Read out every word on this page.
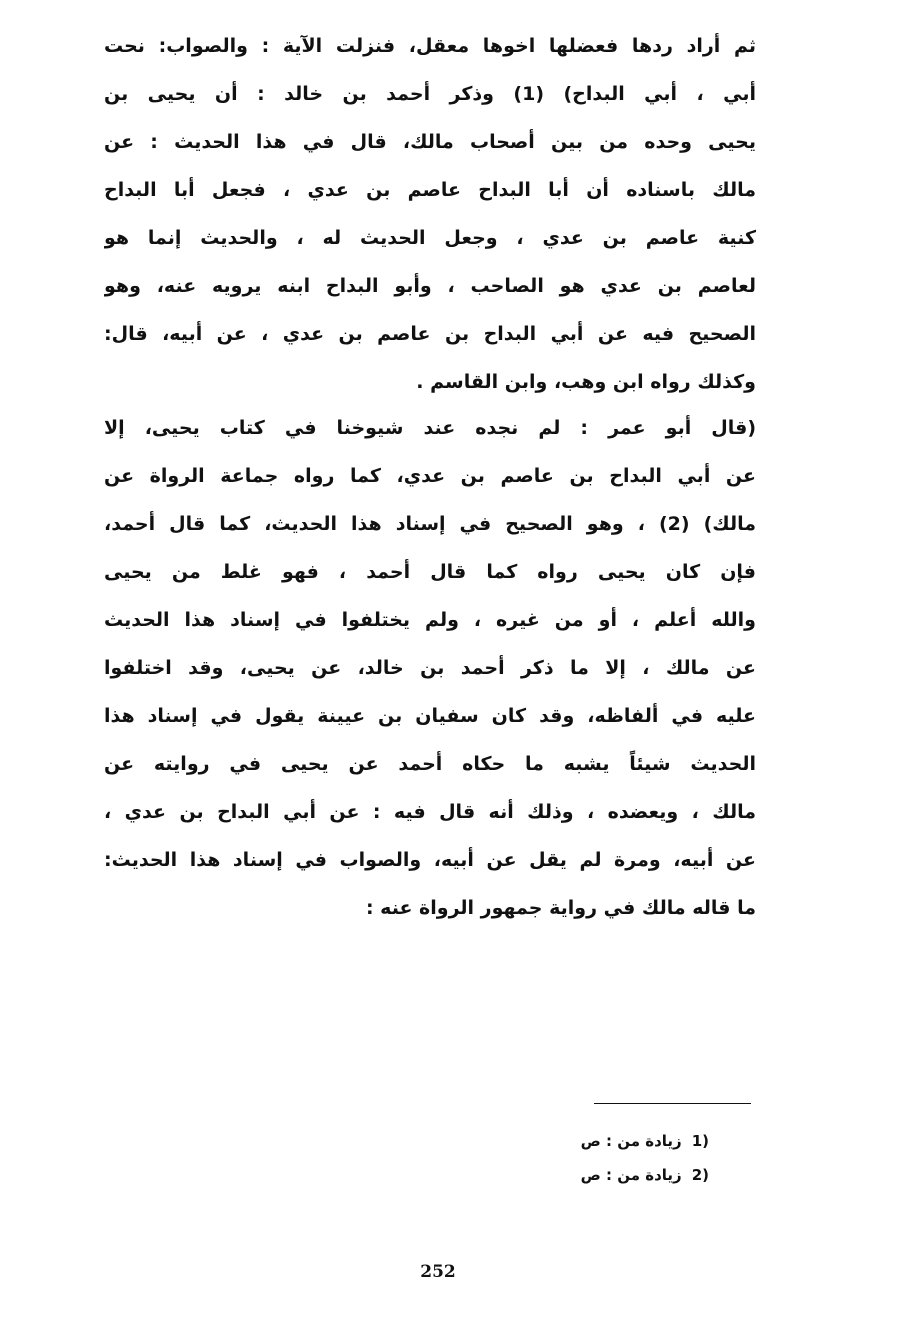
ثم أراد ردها فعضلها اخوها معقل، فنزلت الآية : والصواب: نحت
أبي ، أبي البداح) (1) وذكر أحمد بن خالد : أن يحيى بن
يحيى وحده من بين أصحاب مالك، قال في هذا الحديث : عن
مالك باسناده أن أبا البداح عاصم بن عدي ، فجعل أبا البداح
كنية عاصم بن عدي ، وجعل الحديث له ، والحديث إنما هو
لعاصم بن عدي هو الصاحب ، وأبو البداح ابنه يرويه عنه، وهو
الصحيح فيه عن أبي البداح بن عاصم بن عدي ، عن أبيه، قال:
وكذلك رواه ابن وهب، وابن القاسم .
(قال أبو عمر : لم نجده عند شيوخنا في كتاب يحيى، إلا
عن أبي البداح بن عاصم بن عدي، كما رواه جماعة الرواة عن
مالك) (2) ، وهو الصحيح في إسناد هذا الحديث، كما قال أحمد،
فإن كان يحيى رواه كما قال أحمد ، فهو غلط من يحيى
والله أعلم ، أو من غيره ، ولم يختلفوا في إسناد هذا الحديث
عن مالك ، إلا ما ذكر أحمد بن خالد، عن يحيى، وقد اختلفوا
عليه في ألفاظه، وقد كان سفيان بن عيينة يقول في إسناد هذا
الحديث شيئاً يشبه ما حكاه أحمد عن يحيى في روايته عن
مالك ، ويعضده ، وذلك أنه قال فيه : عن أبي البداح بن عدي ،
عن أبيه، ومرة لم يقل عن أبيه، والصواب في إسناد هذا الحديث:
ما قاله مالك في رواية جمهور الرواة عنه :
(1زيادة من : ص
(2زيادة من : ص
252
